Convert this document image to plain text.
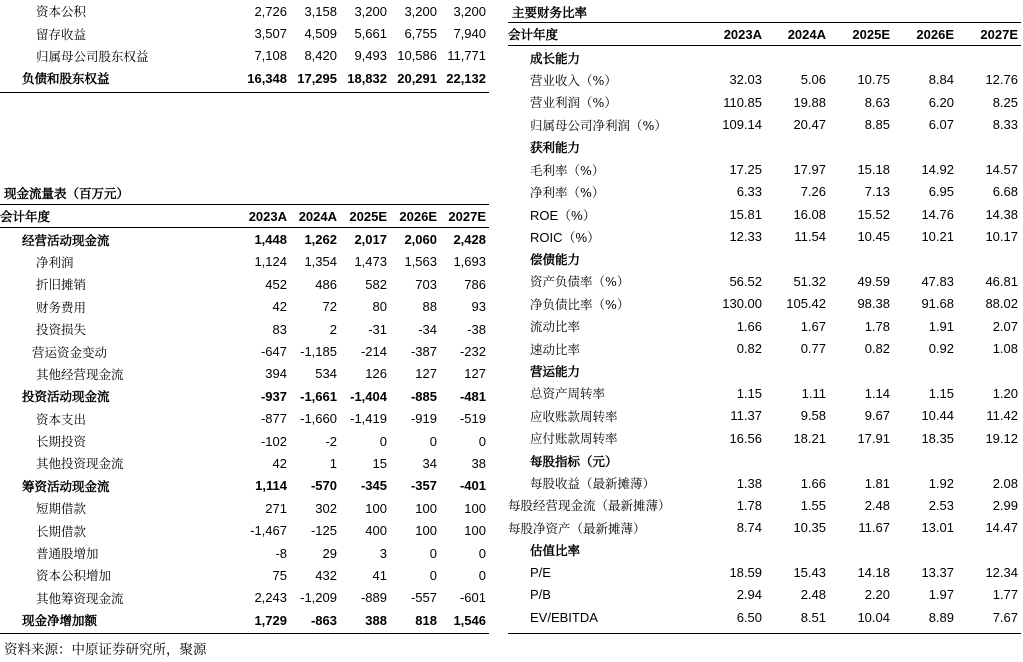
资本公积	2,726	3,158	3,200	3,200	3,200
留存收益	3,507	4,509	5,661	6,755	7,940
归属母公司股东权益	7,108	8,420	9,493	10,586	11,771
负债和股东权益	16,348	17,295	18,832	20,291	22,132
现金流量表（百万元）
会计年度	2023A	2024A	2025E	2026E	2027E
经营活动现金流	1,448	1,262	2,017	2,060	2,428
净利润	1,124	1,354	1,473	1,563	1,693
折旧摊销	452	486	582	703	786
财务费用	42	72	80	88	93
投资损失	83	2	-31	-34	-38
营运资金变动	-647	-1,185	-214	-387	-232
其他经营现金流	394	534	126	127	127
投资活动现金流	-937	-1,661	-1,404	-885	-481
资本支出	-877	-1,660	-1,419	-919	-519
长期投资	-102	-2	0	0	0
其他投资现金流	42	1	15	34	38
筹资活动现金流	1,114	-570	-345	-357	-401
短期借款	271	302	100	100	100
长期借款	-1,467	-125	400	100	100
普通股增加	-8	29	3	0	0
资本公积增加	75	432	41	0	0
其他筹资现金流	2,243	-1,209	-889	-557	-601
现金净增加额	1,729	-863	388	818	1,546
主要财务比率
会计年度	2023A	2024A	2025E	2026E	2027E
成长能力					
营业收入（%）	32.03	5.06	10.75	8.84	12.76
营业利润（%）	110.85	19.88	8.63	6.20	8.25
归属母公司净利润（%）	109.14	20.47	8.85	6.07	8.33
获利能力					
毛利率（%）	17.25	17.97	15.18	14.92	14.57
净利率（%）	6.33	7.26	7.13	6.95	6.68
ROE（%）	15.81	16.08	15.52	14.76	14.38
ROIC（%）	12.33	11.54	10.45	10.21	10.17
偿债能力					
资产负债率（%）	56.52	51.32	49.59	47.83	46.81
净负债比率（%）	130.00	105.42	98.38	91.68	88.02
流动比率	1.66	1.67	1.78	1.91	2.07
速动比率	0.82	0.77	0.82	0.92	1.08
营运能力					
总资产周转率	1.15	1.11	1.14	1.15	1.20
应收账款周转率	11.37	9.58	9.67	10.44	11.42
应付账款周转率	16.56	18.21	17.91	18.35	19.12
每股指标（元）					
每股收益（最新摊薄）	1.38	1.66	1.81	1.92	2.08
每股经营现金流（最新摊薄）	1.78	1.55	2.48	2.53	2.99
每股净资产（最新摊薄）	8.74	10.35	11.67	13.01	14.47
估值比率					
P/E	18.59	15.43	14.18	13.37	12.34
P/B	2.94	2.48	2.20	1.97	1.77
EV/EBITDA	6.50	8.51	10.04	8.89	7.67
资料来源：中原证券研究所，聚源
